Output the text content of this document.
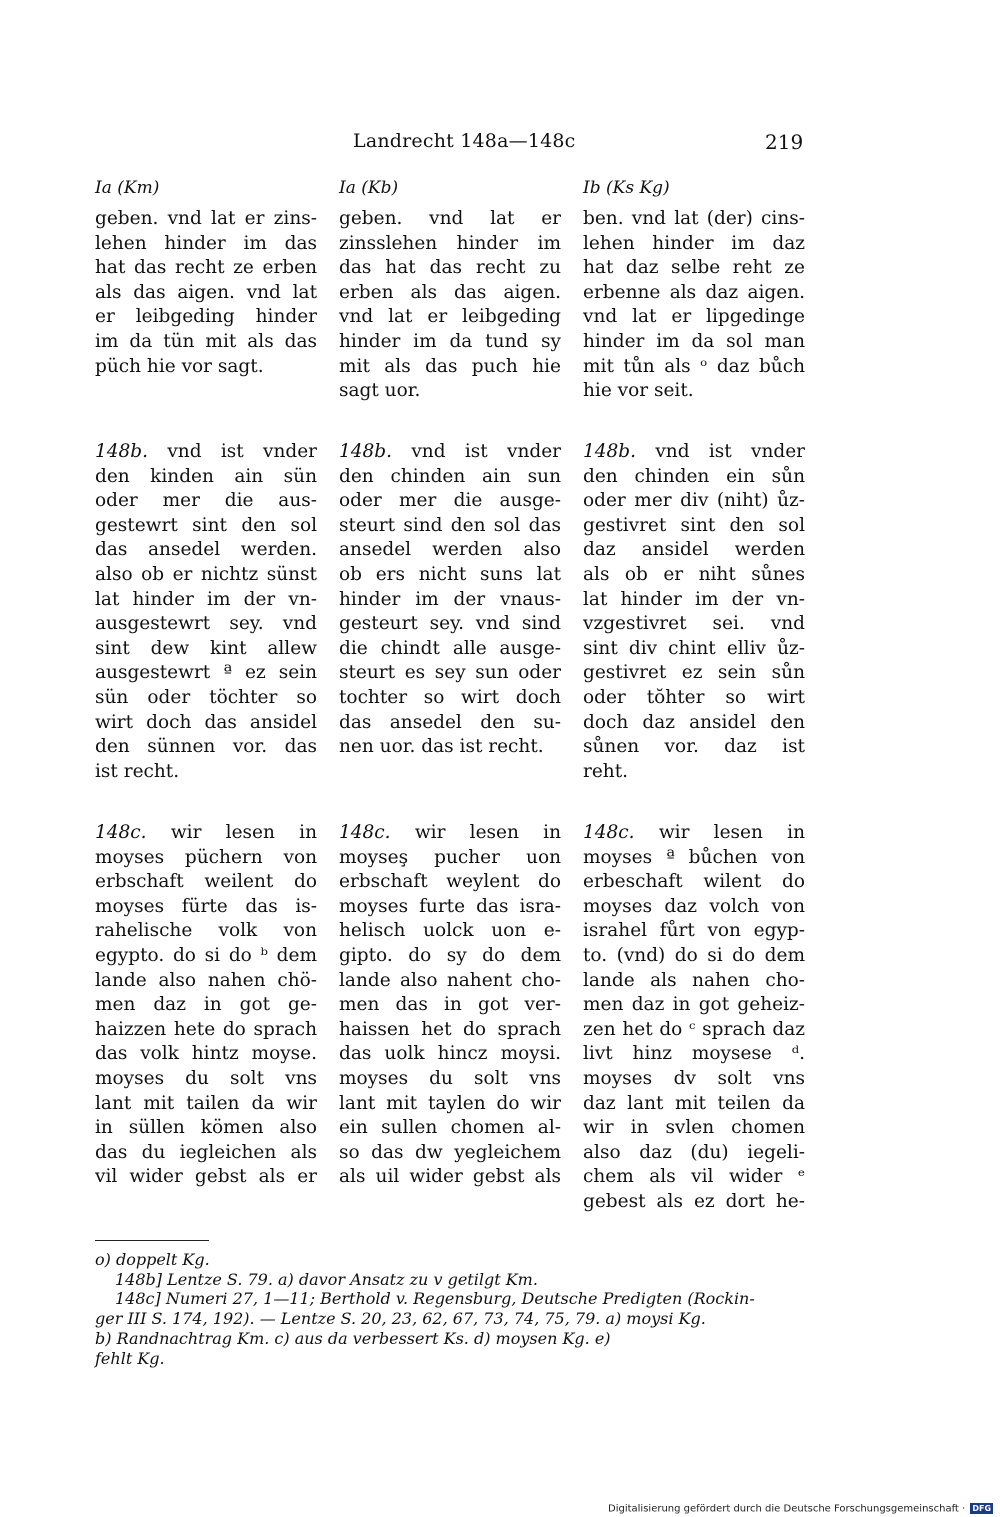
Landrecht 148a—148c	219
Ia (Km)	Ia (Kb)	Ib (Ks Kg)
geben. vnd lat er zins-
lehen hinder im das
hat das recht ze erben
als das aigen. vnd lat
er leibgeding hinder
im da tün mit als das
püch hie vor sagt.
148b. vnd ist vnder
den kinden ain sün
oder mer die aus-
gestewrt sint den sol
das ansedel werden.
also ob er nichtz sünst
lat hinder im der vn-
ausgestewrt sey. vnd
sint dew kint allew
ausgestewrt ª ez sein
sün oder töchter so
wirt doch das ansidel
den sünnen vor. das
ist recht.
148c. wir lesen in
moyses püchern von
erbschaft weilent do
moyses fürte das is-
rahelische volk von
egypto. do si do ᵇ dem
lande also nahen chö-
men daz in got ge-
haizzen hete do sprach
das volk hintz moyse.
moyses du solt vns
lant mit tailen da wir
in süllen kömen also
das du iegleichen als
vil wider gebst als er
geben. vnd lat er
zinsslehen hinder im
das hat das recht zu
erben als das aigen.
vnd lat er leibgeding
hinder im da tund sy
mit als das puch hie
sagt uor.
148b. vnd ist vnder
den chinden ain sun
oder mer die ausge-
steurt sind den sol das
ansedel werden also
ob ers nicht suns lat
hinder im der vnaus-
gesteurt sey. vnd sind
die chindt alle ausge-
steurt es sey sun oder
tochter so wirt doch
das ansedel den su-
nen uor. das ist recht.
148c. wir lesen in
moyseş pucher uon
erbschaft weylent do
moyses furte das isra-
helisch uolck uon e-
gipto. do sy do dem
lande also nahent cho-
men das in got ver-
haissen het do sprach
das uolk hincz moysi.
moyses du solt vns
lant mit taylen do wir
ein sullen chomen al-
so das dw yegleichem
als uil wider gebst als
ben. vnd lat (der) cins-
lehen hinder im daz
hat daz selbe reht ze
erbenne als daz aigen.
vnd lat er lipgedinge
hinder im da sol man
mit tůn als ᵒ daz bůch
hie vor seit.
148b. vnd ist vnder
den chinden ein sůn
oder mer div (niht) ůz-
gestivret sint den sol
daz ansidel werden
als ob er niht sůnes
lat hinder im der vn-
vzgestivret sei. vnd
sint div chint elliv ůz-
gestivret ez sein sůn
oder tŏhter so wirt
doch daz ansidel den
sůnen vor. daz ist
reht.
148c. wir lesen in
moyses ª bůchen von
erbeschaft wilent do
moyses daz volch von
israhel fůrt von egyp-
to. (vnd) do si do dem
lande als nahen cho-
men daz in got geheiz-
zen het do ᶜ sprach daz
livt hinz moysese ᵈ.
moyses dv solt vns
daz lant mit teilen da
wir in svlen chomen
also daz (du) iegeli-
chem als vil wider ᵉ
gebest als ez dort he-
o) doppelt Kg.
148b] Lentze S. 79. a) davor Ansatz zu v getilgt Km.
148c] Numeri 27, 1—11; Berthold v. Regensburg, Deutsche Predigten (Rockin-
ger III S. 174, 192). — Lentze S. 20, 23, 62, 67, 73, 74, 75, 79. a) moysi Kg.
b) Randnachtrag Km. c) aus da verbessert Ks. d) moysen Kg. e)
fehlt Kg.
Digitalisierung gefördert durch die Deutsche Forschungsgemeinschaft · DFG
